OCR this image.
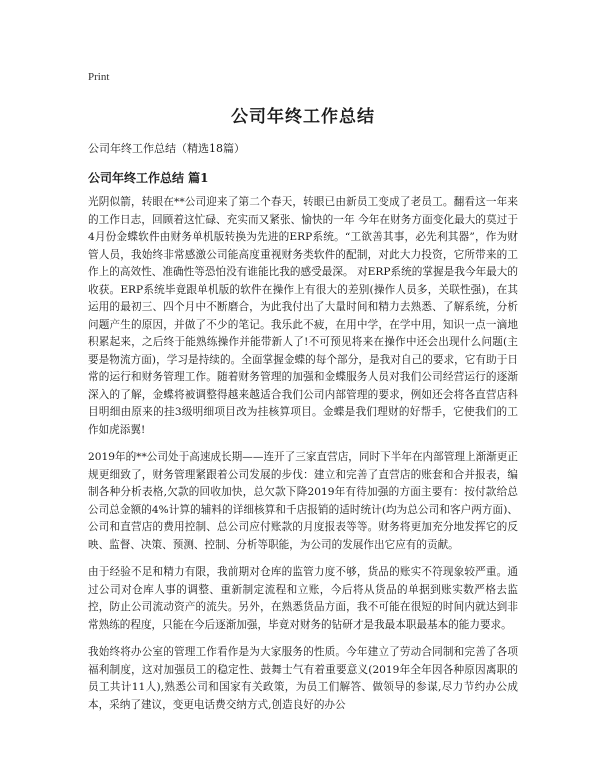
Print
公司年终工作总结
公司年终工作总结（精选18篇）
公司年终工作总结 篇1

光阴似箭，转眼在**公司迎来了第二个春天，转眼已由新员工变成了老员工。翻看这一年来的工作日志，回顾着这忙碌、充实而又紧张、愉快的一年 今年在财务方面变化最大的莫过于4月份金蝶软件由财务单机版转换为先进的ERP系统。“工欲善其事，必先利其器”，作为财管人员，我始终非常感激公司能高度重视财务类软件的配制，对此大力投资，它所带来的工作上的高效性、准确性等恐怕没有谁能比我的感受最深。 对ERP系统的掌握是我今年最大的收获。ERP系统毕竟跟单机版的软件在操作上有很大的差别(操作人员多，关联性强)，在其运用的最初三、四个月中不断磨合，为此我付出了大量时间和精力去熟悉、了解系统，分析问题产生的原因，并做了不少的笔记。我乐此不疲，在用中学，在学中用，知识一点一滴地积累起来，之后终于能熟练操作并能带新人了!不可预见将来在操作中还会出现什么问题(主要是物流方面)，学习是持续的。全面掌握金蝶的每个部分，是我对自己的要求，它有助于日常的运行和财务管理工作。随着财务管理的加强和金蝶服务人员对我们公司经营运行的逐渐深入的了解，金蝶将被调整得越来越适合我们公司内部管理的要求，例如还会将各直营店科目明细由原来的挂3级明细项目改为挂核算项目。金蝶是我们理财的好帮手，它使我们的工作如虎添翼!

2019年的**公司处于高速成长期——连开了三家直营店，同时下半年在内部管理上渐渐更正规更细致了，财务管理紧跟着公司发展的步伐：建立和完善了直营店的账套和合并报表，编制各种分析表格,欠款的回收加快，总欠款下降2019年有待加强的方面主要有：按付款给总公司总金额的4%计算的辅料的详细核算和千店报销的适时统计(均为总公司和客户两方面)、公司和直营店的费用控制、总公司应付账款的月度报表等等。财务将更加充分地发挥它的反映、监督、决策、预测、控制、分析等职能，为公司的发展作出它应有的贡献。

由于经验不足和精力有限，我前期对仓库的监管力度不够，货品的账实不符现象较严重。通过公司对仓库人事的调整、重新制定流程和立账，今后将从货品的单据到账实数严格去监控，防止公司流动资产的流失。另外，在熟悉货品方面，我不可能在很短的时间内就达到非常熟练的程度，只能在今后逐渐加强，毕竟对财务的钻研才是我最本职最基本的能力要求。

我始终将办公室的管理工作看作是为大家服务的性质。今年建立了劳动合同制和完善了各项福利制度，这对加强员工的稳定性、鼓舞士气有着重要意义(2019年全年因各种原因离职的员工共计11人),熟悉公司和国家有关政策，为员工们解答、做领导的参谋,尽力节约办公成本，采纳了建议，变更电话费交纳方式,创造良好的办公
